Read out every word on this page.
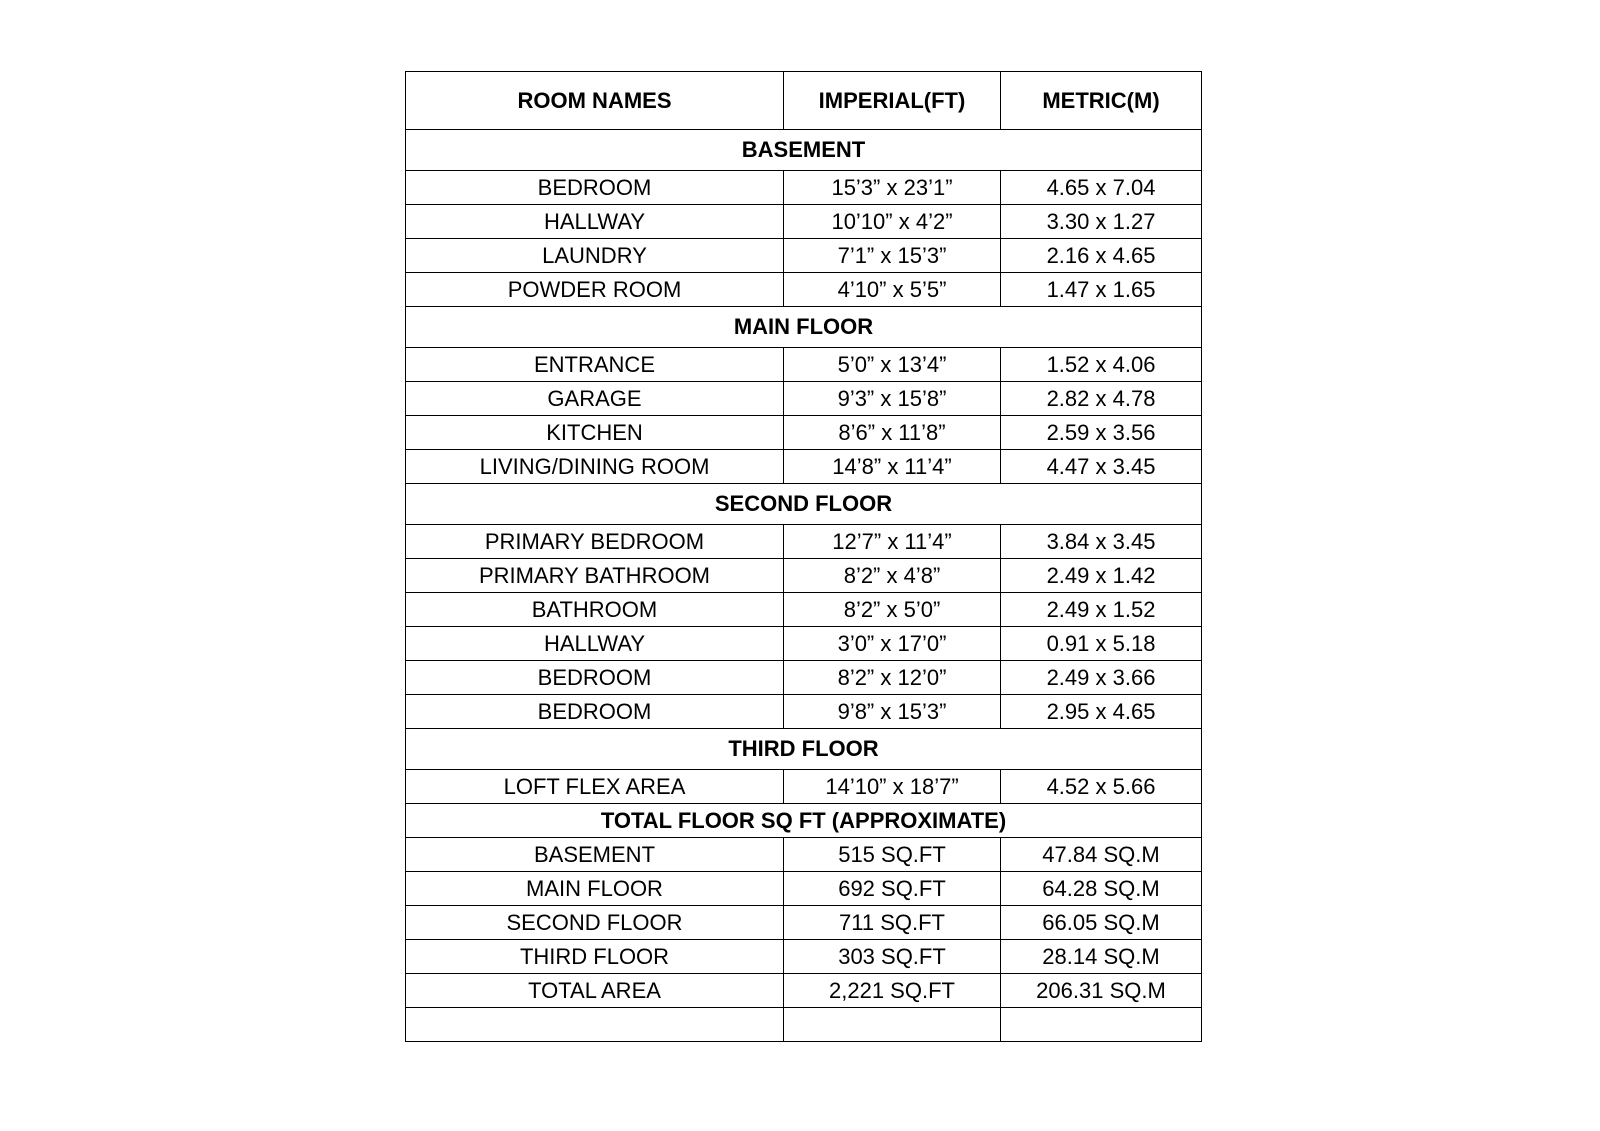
ROOM NAMES	IMPERIAL(FT)	METRIC(M)
BASEMENT		
BEDROOM	15’3” x 23’1”	4.65 x 7.04
HALLWAY	10’10” x 4’2”	3.30 x 1.27
LAUNDRY	7’1” x 15’3”	2.16 x 4.65
POWDER ROOM	4’10” x 5’5”	1.47 x 1.65
MAIN FLOOR		
ENTRANCE	5’0” x 13’4”	1.52 x 4.06
GARAGE	9’3” x 15’8”	2.82 x 4.78
KITCHEN	8’6” x 11’8”	2.59 x 3.56
LIVING/DINING ROOM	14’8” x 11’4”	4.47 x 3.45
SECOND FLOOR		
PRIMARY BEDROOM	12’7” x 11’4”	3.84 x 3.45
PRIMARY BATHROOM	8’2” x 4’8”	2.49 x 1.42
BATHROOM	8’2” x 5’0”	2.49 x 1.52
HALLWAY	3’0” x 17’0”	0.91 x 5.18
BEDROOM	8’2” x 12’0”	2.49 x 3.66
BEDROOM	9’8” x 15’3”	2.95 x 4.65
THIRD FLOOR		
LOFT FLEX AREA	14’10” x 18’7”	4.52 x 5.66
TOTAL FLOOR SQ FT (APPROXIMATE)		
BASEMENT	515 SQ.FT	47.84 SQ.M
MAIN FLOOR	692 SQ.FT	64.28 SQ.M
SECOND FLOOR	711 SQ.FT	66.05 SQ.M
THIRD FLOOR	303 SQ.FT	28.14 SQ.M
TOTAL AREA	2,221 SQ.FT	206.31 SQ.M
